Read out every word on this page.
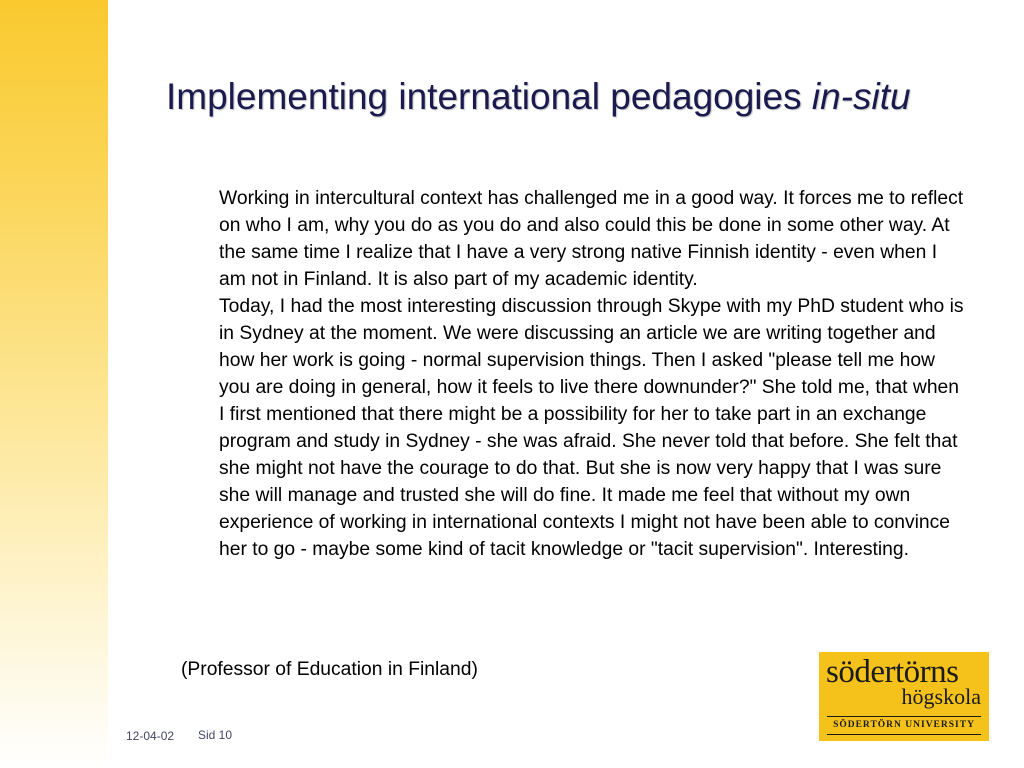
Implementing international pedagogies in-situ

Working in intercultural context has challenged me in a good way. It forces me to reflect on who I am, why you do as you do and also could this be done in some other way. At the same time I realize that I have a very strong native Finnish identity - even when I am not in Finland. It is also part of my academic identity.

Today, I had the most interesting discussion through Skype with my PhD student who is in Sydney at the moment. We were discussing an article we are writing together and how her work is going - normal supervision things. Then I asked "please tell me how you are doing in general, how it feels to live there downunder?" She told me, that when I first mentioned that there might be a possibility for her to take part in an exchange program and study in Sydney - she was afraid. She never told that before. She felt that she might not have the courage to do that. But she is now very happy that I was sure she will manage and trusted she will do fine. It made me feel that without my own experience of working in international contexts I might not have been able to convince her to go - maybe some kind of tacit knowledge or "tacit supervision". Interesting.

(Professor of Education in Finland)	södertörns
högskola
SÖDERTÖRN UNIVERSITY
12-04-02 Sid 10
